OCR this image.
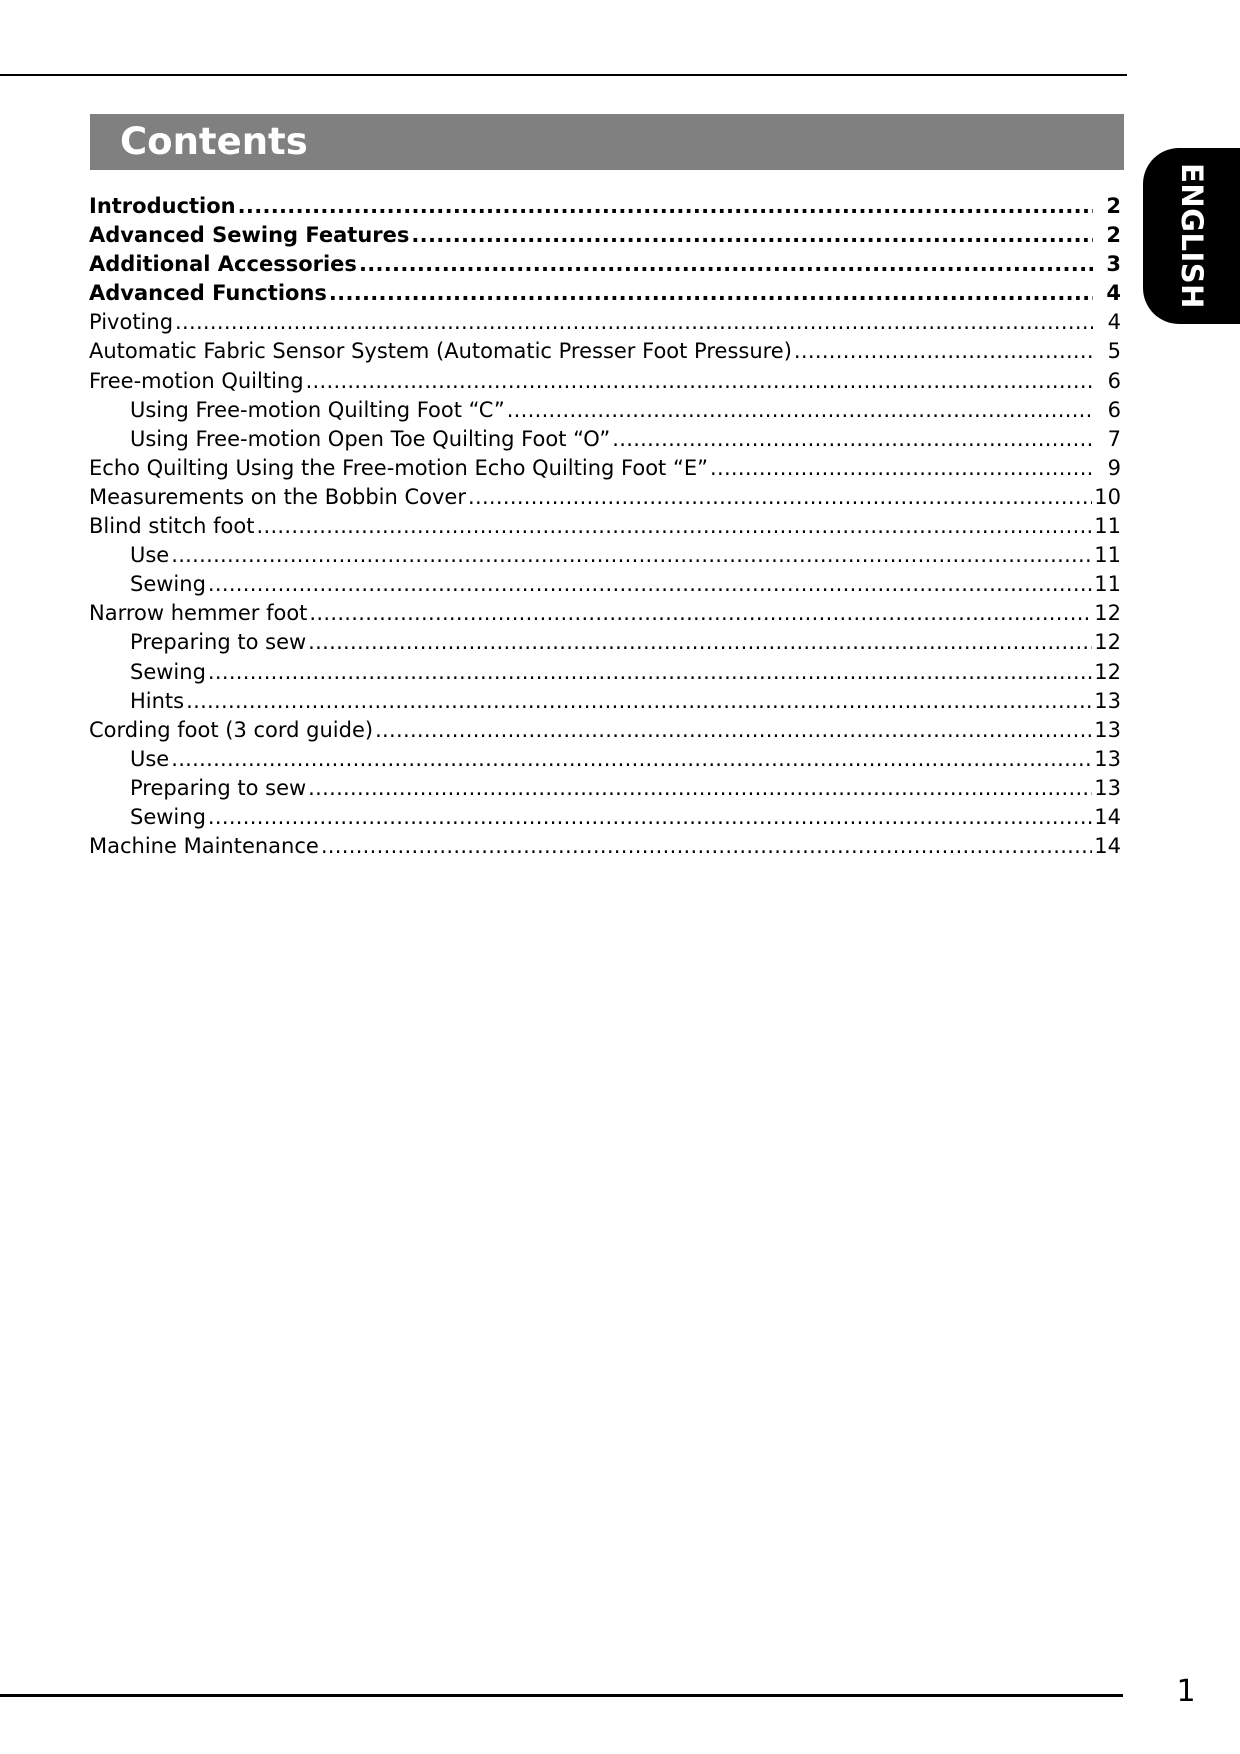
Contents
ENGLISH
Introduction .....	2
Advanced Sewing Features .....	2
Additional Accessories .....	3
Advanced Functions .....	4
Pivoting .....	4
Automatic Fabric Sensor System (Automatic Presser Foot Pressure) .....	5
Free-motion Quilting .....	6
Using Free-motion Quilting Foot “C” .....	6
Using Free-motion Open Toe Quilting Foot “O” .....	7
Echo Quilting Using the Free-motion Echo Quilting Foot “E” .....	9
Measurements on the Bobbin Cover .....	10
Blind stitch foot .....	11
Use .....	11
Sewing .....	11
Narrow hemmer foot .....	12
Preparing to sew .....	12
Sewing .....	12
Hints .....	13
Cording foot (3 cord guide) .....	13
Use .....	13
Preparing to sew .....	13
Sewing .....	14
Machine Maintenance .....	14
1
